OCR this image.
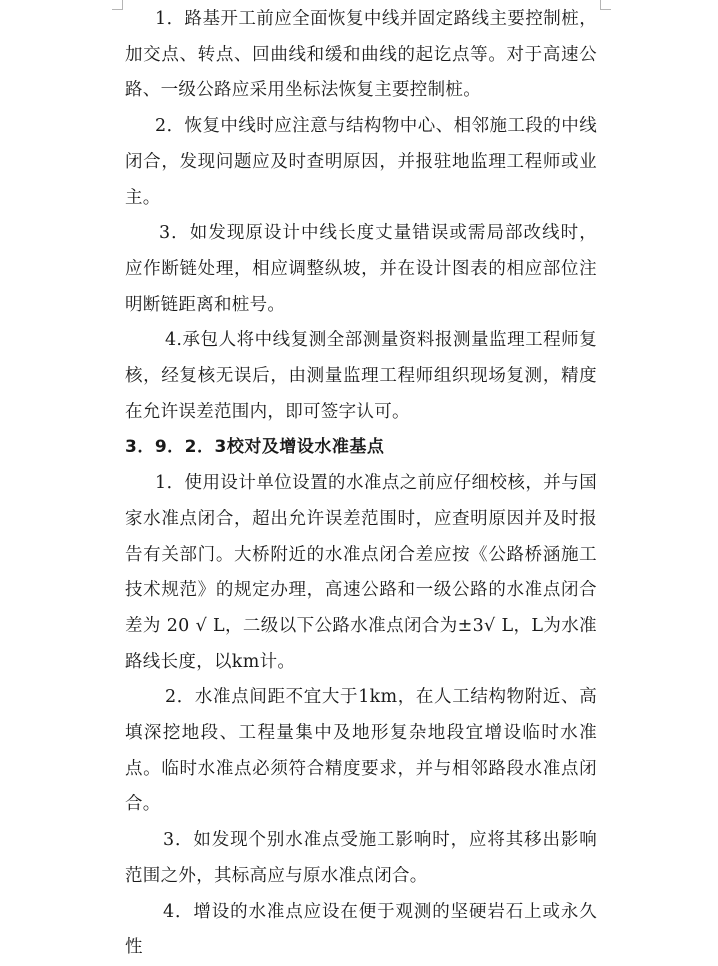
1．路基开工前应全面恢复中线并固定路线主要控制桩，加交点、转点、回曲线和缓和曲线的起讫点等。对于高速公路、一级公路应采用坐标法恢复主要控制桩。

2．恢复中线时应注意与结构物中心、相邻施工段的中线闭合，发现问题应及时查明原因，并报驻地监理工程师或业主。

3．如发现原设计中线长度丈量错误或需局部改线时，应作断链处理，相应调整纵坡，并在设计图表的相应部位注明断链距离和桩号。

4.承包人将中线复测全部测量资料报测量监理工程师复核，经复核无误后，由测量监理工程师组织现场复测，精度在允许误差范围内，即可签字认可。

3．9．2．3校对及增设水准基点

1．使用设计单位设置的水准点之前应仔细校核，并与国家水准点闭合，超出允许误差范围时，应查明原因并及时报告有关部门。大桥附近的水准点闭合差应按《公路桥涵施工技术规范》的规定办理，高速公路和一级公路的水准点闭合差为 20 √ L，二级以下公路水准点闭合为±3√ L，L为水准路线长度，以km计。

2．水准点间距不宜大于1km，在人工结构物附近、高填深挖地段、工程量集中及地形复杂地段宜增设临时水准点。临时水准点必须符合精度要求，并与相邻路段水准点闭合。

3．如发现个别水准点受施工影响时，应将其移出影响范围之外，其标高应与原水准点闭合。

4．增设的水准点应设在便于观测的坚硬岩石上或永久性
